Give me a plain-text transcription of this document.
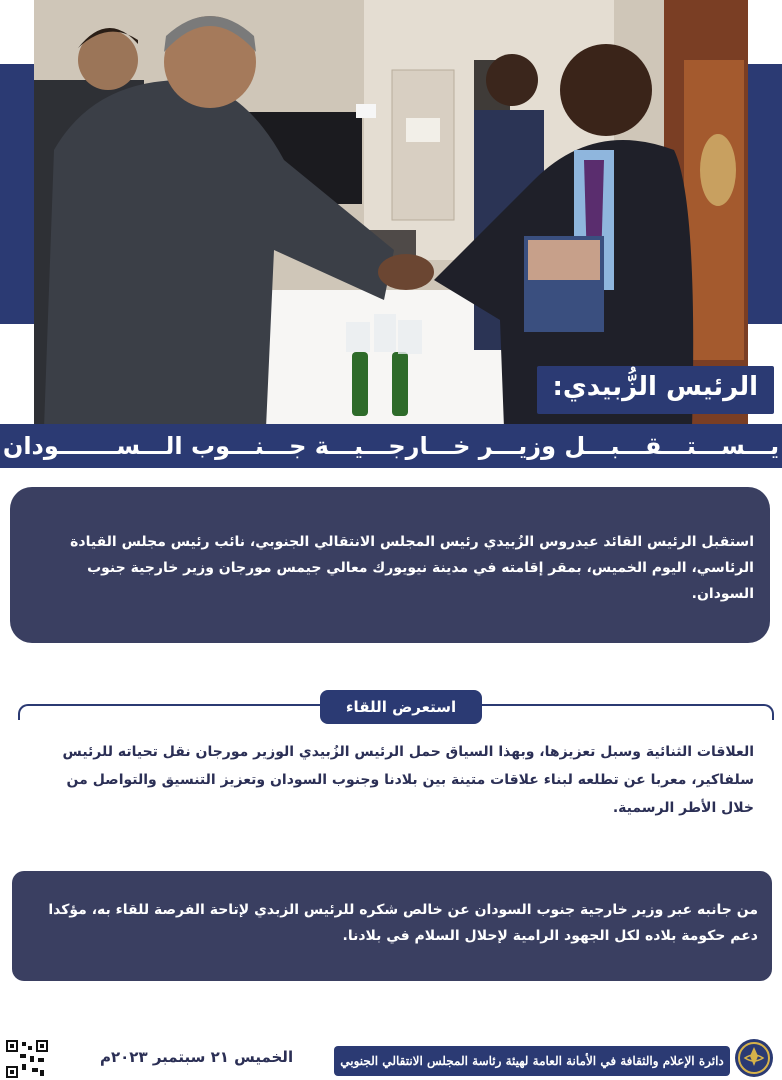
الرئيس الزُّبيدي:
يـــســـتـــقـــبـــل وزيـــر خـــارجـــيـــة جـــنـــوب الـــســـــــودان

استقبل الرئيس القائد عيدروس الزُبيدي رئيس المجلس الانتقالي الجنوبي، نائب رئيس مجلس القيادة الرئاسي، اليوم الخميس، بمقر إقامته في مدينة نيويورك معالي جيمس مورجان وزير خارجية جنوب السودان.

استعرض اللقاء

العلاقات الثنائية وسبل تعزيزها، وبهذا السياق حمل الرئيس الزُبيدي الوزير مورجان نقل تحياته للرئيس سلفاكير، معربا عن تطلعه لبناء علاقات متينة بين بلادنا وجنوب السودان وتعزيز التنسيق والتواصل من خلال الأطر الرسمية.

من جانبه عبر وزير خارجية جنوب السودان عن خالص شكره للرئيس الزبدي لإتاحة الفرصة للقاء به، مؤكدا دعم حكومة بلاده لكل الجهود الرامية لإحلال السلام في بلادنا.

الخميس ٢١ سبتمبر ٢٠٢٣م	دائرة الإعلام والثقافة في الأمانة العامة لهيئة رئاسة المجلس الانتقالي الجنوبي
